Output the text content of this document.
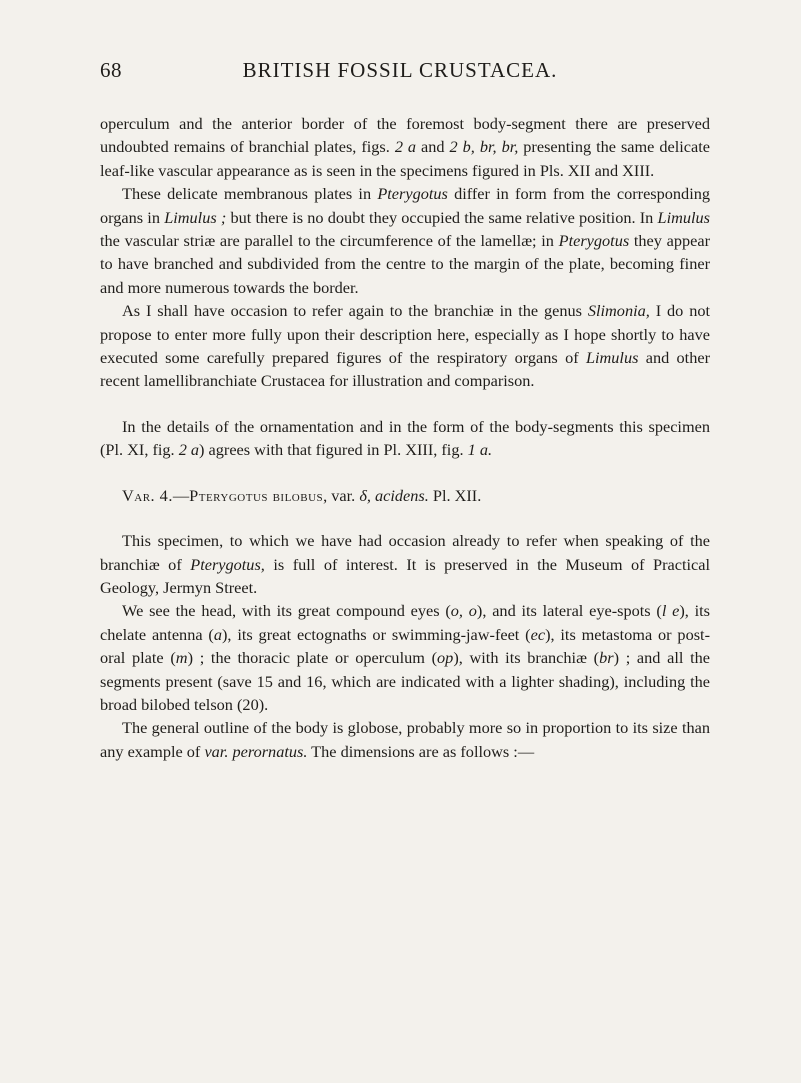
68	BRITISH FOSSIL CRUSTACEA.

operculum and the anterior border of the foremost body-segment there are preserved undoubted remains of branchial plates, figs. 2 a and 2 b, br, br, presenting the same delicate leaf-like vascular appearance as is seen in the specimens figured in Pls. XII and XIII.

These delicate membranous plates in Pterygotus differ in form from the corresponding organs in Limulus ; but there is no doubt they occupied the same relative position. In Limulus the vascular striæ are parallel to the circumference of the lamellæ; in Pterygotus they appear to have branched and subdivided from the centre to the margin of the plate, becoming finer and more numerous towards the border.

As I shall have occasion to refer again to the branchiæ in the genus Slimonia, I do not propose to enter more fully upon their description here, especially as I hope shortly to have executed some carefully prepared figures of the respiratory organs of Limulus and other recent lamellibranchiate Crustacea for illustration and comparison.

In the details of the ornamentation and in the form of the body-segments this specimen (Pl. XI, fig. 2 a) agrees with that figured in Pl. XIII, fig. 1 a.

Var. 4.—Pterygotus bilobus, var. δ, acidens. Pl. XII.

This specimen, to which we have had occasion already to refer when speaking of the branchiæ of Pterygotus, is full of interest. It is preserved in the Museum of Practical Geology, Jermyn Street.

We see the head, with its great compound eyes (o, o), and its lateral eye-spots (l e), its chelate antenna (a), its great ectognaths or swimming-jaw-feet (ec), its metastoma or post-oral plate (m) ; the thoracic plate or operculum (op), with its branchiæ (br) ; and all the segments present (save 15 and 16, which are indicated with a lighter shading), including the broad bilobed telson (20).

The general outline of the body is globose, probably more so in proportion to its size than any example of var. perornatus. The dimensions are as follows :—
